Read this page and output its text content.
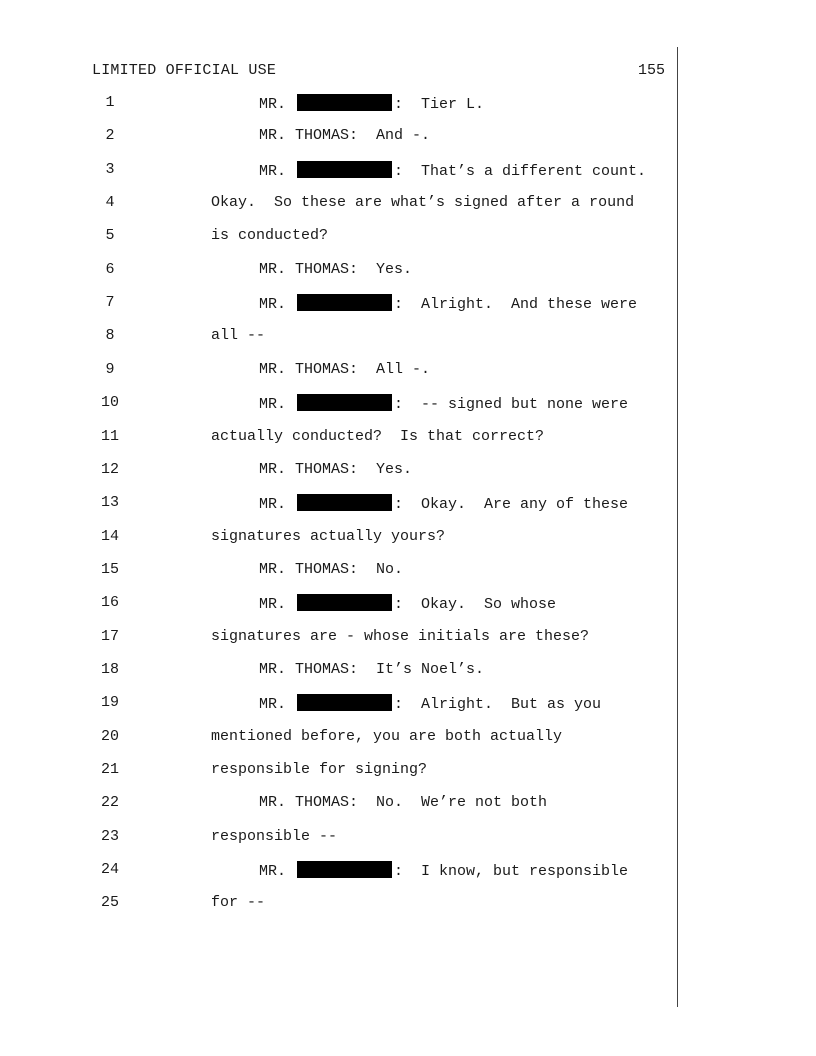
LIMITED OFFICIAL USE	155
1	MR.	:  Tier L.
2	MR. THOMAS:  And -.
3	MR.	:  That’s a different count.
4	Okay.  So these are what’s signed after a round
5	is conducted?
6	MR. THOMAS:  Yes.
7	MR.	:  Alright.  And these were
8	all --
9	MR. THOMAS:  All -.
10	MR.	:  -- signed but none were
11	actually conducted?  Is that correct?
12	MR. THOMAS:  Yes.
13	MR.	:  Okay.  Are any of these
14	signatures actually yours?
15	MR. THOMAS:  No.
16	MR.	:  Okay.  So whose
17	signatures are - whose initials are these?
18	MR. THOMAS:  It’s Noel’s.
19	MR.	:  Alright.  But as you
20	mentioned before, you are both actually
21	responsible for signing?
22	MR. THOMAS:  No.  We’re not both
23	responsible --
24	MR.	:  I know, but responsible
25	for --
